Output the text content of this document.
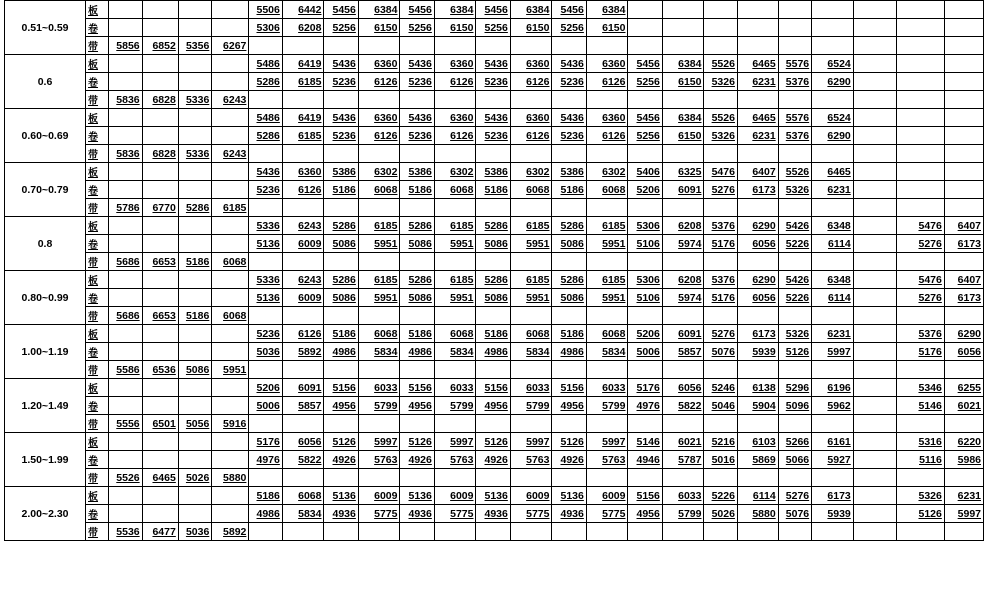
0.51~0.59	板					5506	6442	5456	6384	5456	6384	5456	6384	5456	6384									
	卷					5306	6208	5256	6150	5256	6150	5256	6150	5256	6150									
	带	5856	6852	5356	6267																			
0.6	板					5486	6419	5436	6360	5436	6360	5436	6360	5436	6360	5456	6384	5526	6465	5576	6524			
	卷					5286	6185	5236	6126	5236	6126	5236	6126	5236	6126	5256	6150	5326	6231	5376	6290			
	带	5836	6828	5336	6243																			
0.60~0.69	板					5486	6419	5436	6360	5436	6360	5436	6360	5436	6360	5456	6384	5526	6465	5576	6524			
	卷					5286	6185	5236	6126	5236	6126	5236	6126	5236	6126	5256	6150	5326	6231	5376	6290			
	带	5836	6828	5336	6243																			
0.70~0.79	板					5436	6360	5386	6302	5386	6302	5386	6302	5386	6302	5406	6325	5476	6407	5526	6465			
	卷					5236	6126	5186	6068	5186	6068	5186	6068	5186	6068	5206	6091	5276	6173	5326	6231			
	带	5786	6770	5286	6185																			
0.8	板					5336	6243	5286	6185	5286	6185	5286	6185	5286	6185	5306	6208	5376	6290	5426	6348		5476	6407
	卷					5136	6009	5086	5951	5086	5951	5086	5951	5086	5951	5106	5974	5176	6056	5226	6114		5276	6173
	带	5686	6653	5186	6068																			
0.80~0.99	板					5336	6243	5286	6185	5286	6185	5286	6185	5286	6185	5306	6208	5376	6290	5426	6348		5476	6407
	卷					5136	6009	5086	5951	5086	5951	5086	5951	5086	5951	5106	5974	5176	6056	5226	6114		5276	6173
	带	5686	6653	5186	6068																			
1.00~1.19	板					5236	6126	5186	6068	5186	6068	5186	6068	5186	6068	5206	6091	5276	6173	5326	6231		5376	6290
	卷					5036	5892	4986	5834	4986	5834	4986	5834	4986	5834	5006	5857	5076	5939	5126	5997		5176	6056
	带	5586	6536	5086	5951																			
1.20~1.49	板					5206	6091	5156	6033	5156	6033	5156	6033	5156	6033	5176	6056	5246	6138	5296	6196		5346	6255
	卷					5006	5857	4956	5799	4956	5799	4956	5799	4956	5799	4976	5822	5046	5904	5096	5962		5146	6021
	带	5556	6501	5056	5916																			
1.50~1.99	板					5176	6056	5126	5997	5126	5997	5126	5997	5126	5997	5146	6021	5216	6103	5266	6161		5316	6220
	卷					4976	5822	4926	5763	4926	5763	4926	5763	4926	5763	4946	5787	5016	5869	5066	5927		5116	5986
	带	5526	6465	5026	5880																			
2.00~2.30	板					5186	6068	5136	6009	5136	6009	5136	6009	5136	6009	5156	6033	5226	6114	5276	6173		5326	6231
	卷					4986	5834	4936	5775	4936	5775	4936	5775	4936	5775	4956	5799	5026	5880	5076	5939		5126	5997
	带	5536	6477	5036	5892																			
